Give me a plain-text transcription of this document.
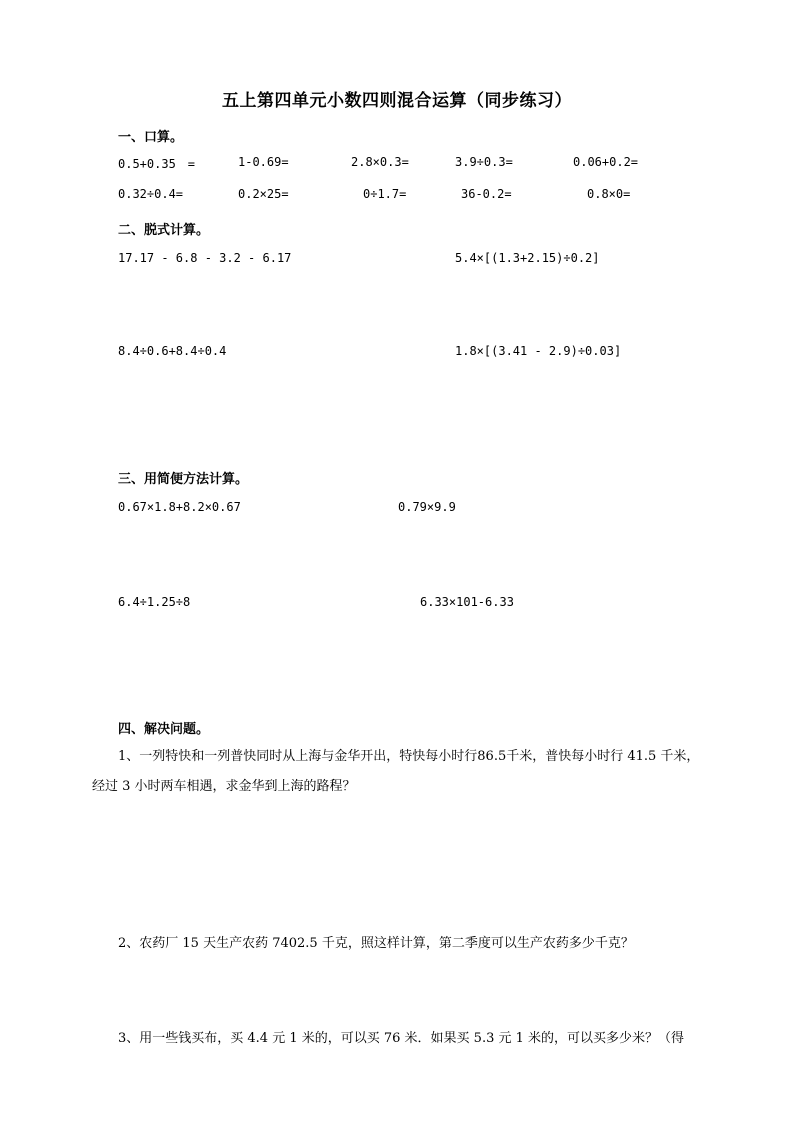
五上第四单元小数四则混合运算（同步练习）
一、口算。
0.5+0.35　=	1-0.69=	2.8×0.3=	3.9÷0.3=	0.06+0.2=
0.32÷0.4=	0.2×25=	0÷1.7=	36-0.2=	0.8×0=
二、脱式计算。
17.17 - 6.8 - 3.2 - 6.17	5.4×[(1.3+2.15)÷0.2]
8.4÷0.6+8.4÷0.4	1.8×[(3.41 - 2.9)÷0.03]
三、用简便方法计算。
0.67×1.8+8.2×0.67	0.79×9.9
6.4÷1.25÷8	6.33×101-6.33
四、解决问题。
1、一列特快和一列普快同时从上海与金华开出，特快每小时行86.5千米，普快每小时行 41.5 千米，经过 3 小时两车相遇，求金华到上海的路程？
2、农药厂 15 天生产农药 7402.5 千克，照这样计算，第二季度可以生产农药多少千克？
3、用一些钱买布，买 4.4 元 1 米的，可以买 76 米．如果买 5.3 元 1 米的，可以买多少米？（得
